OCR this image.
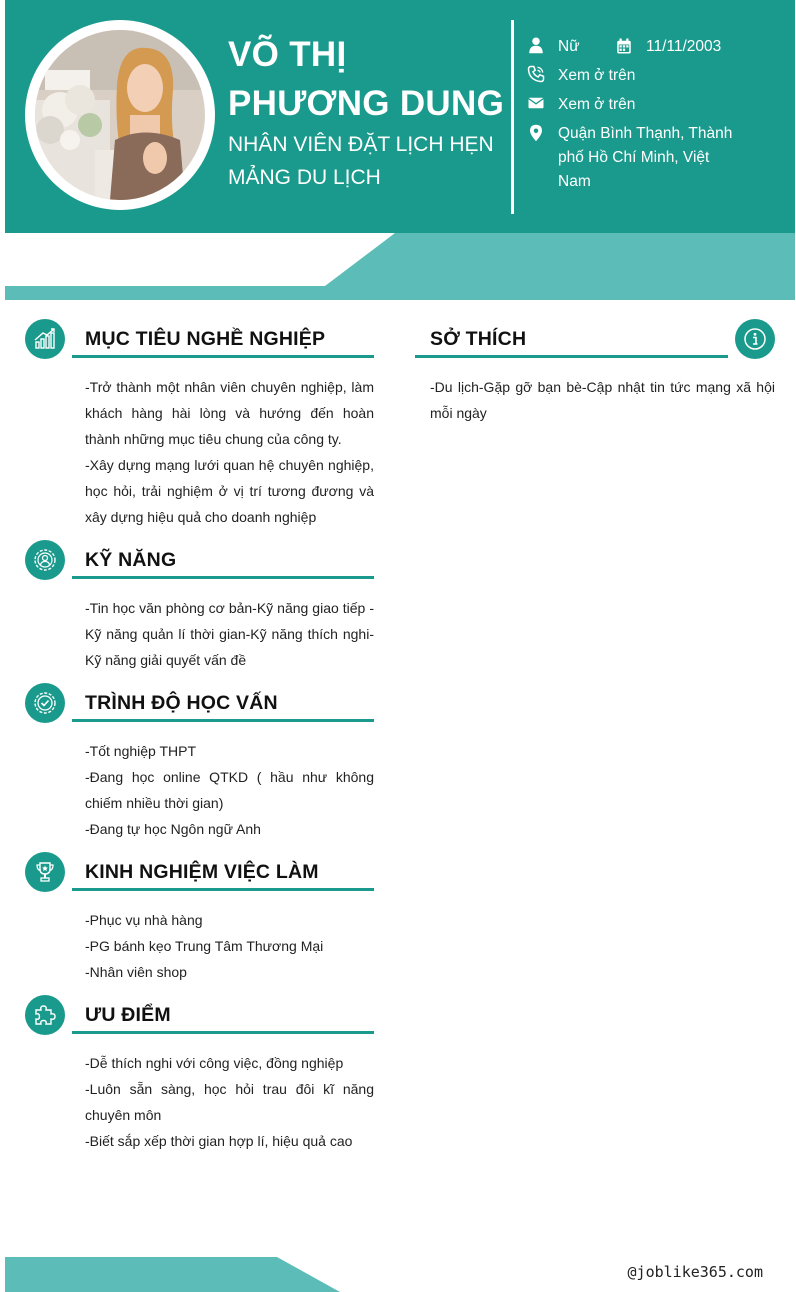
VÕ THỊ
PHƯƠNG DUNG
NHÂN VIÊN ĐẶT LỊCH HẸN
MẢNG DU LỊCH
Nữ	11/11/2003
Xem ở trên
Xem ở trên
Quận Bình Thạnh, Thành
phố Hồ Chí Minh, Việt
Nam
MỤC TIÊU NGHỀ NGHIỆP

-Trở thành một nhân viên chuyên nghiệp, làm khách hàng hài lòng và hướng đến hoàn thành những mục tiêu chung của công ty.

-Xây dựng mạng lưới quan hệ chuyên nghiệp, học hỏi, trải nghiệm ở vị trí tương đương và xây dựng hiệu quả cho doanh nghiệp

KỸ NĂNG

-Tin học văn phòng cơ bản-Kỹ năng giao tiếp -Kỹ năng quản lí thời gian-Kỹ năng thích nghi-Kỹ năng giải quyết vấn đề

TRÌNH ĐỘ HỌC VẤN

-Tốt nghiệp THPT

-Đang học online QTKD ( hầu như không chiếm nhiều thời gian)

-Đang tự học Ngôn ngữ Anh

KINH NGHIỆM VIỆC LÀM

-Phục vụ nhà hàng

-PG bánh kẹo Trung Tâm Thương Mại

-Nhân viên shop

ƯU ĐIỂM

-Dễ thích nghi với công việc, đồng nghiệp

-Luôn sẵn sàng, học hỏi trau đôi kĩ năng chuyên môn

-Biết sắp xếp thời gian hợp lí, hiệu quả cao

SỞ THÍCH

-Du lịch-Gặp gỡ bạn bè-Cập nhật tin tức mạng xã hội mỗi ngày

@joblike365.com
